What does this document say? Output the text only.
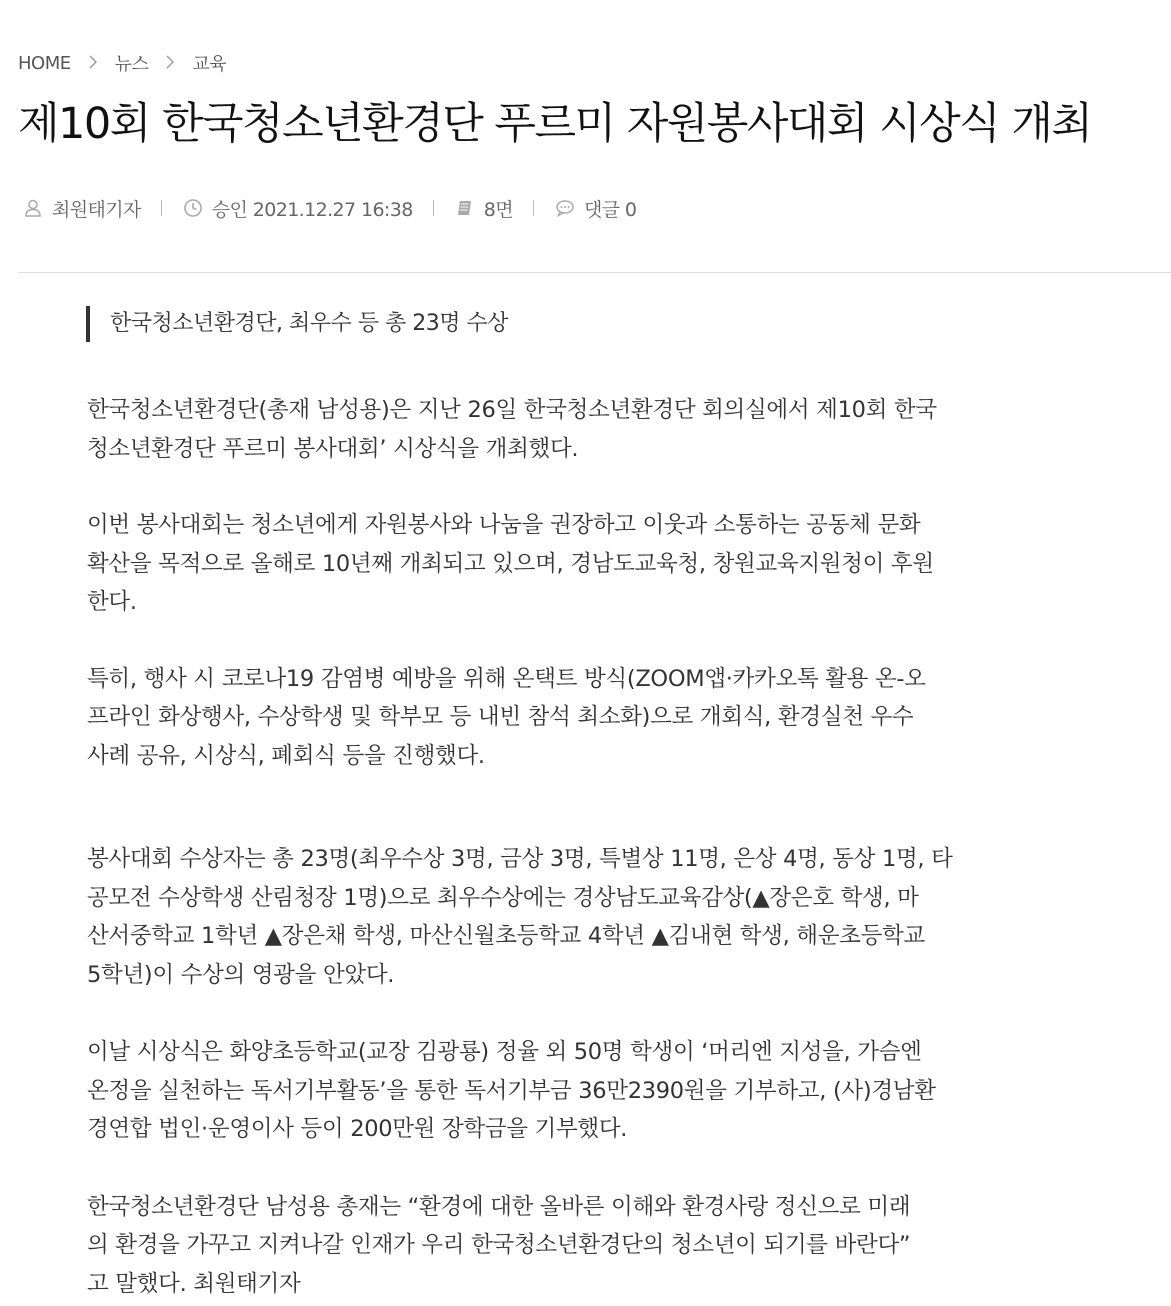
HOME 뉴스 교육
제10회 한국청소년환경단 푸르미 자원봉사대회 시상식 개최
최원태기자	승인 2021.12.27 16:38	8면	댓글 0
한국청소년환경단, 최우수 등 총 23명 수상

한국청소년환경단(총재 남성용)은 지난 26일 한국청소년환경단 회의실에서 제10회 한국
청소년환경단 푸르미 봉사대회’ 시상식을 개최했다.

이번 봉사대회는 청소년에게 자원봉사와 나눔을 권장하고 이웃과 소통하는 공동체 문화
확산을 목적으로 올해로 10년째 개최되고 있으며, 경남도교육청, 창원교육지원청이 후원
한다.

특히, 행사 시 코로나19 감염병 예방을 위해 온택트 방식(ZOOM앱·카카오톡 활용 온-오
프라인 화상행사, 수상학생 및 학부모 등 내빈 참석 최소화)으로 개회식, 환경실천 우수
사례 공유, 시상식, 폐회식 등을 진행했다.

봉사대회 수상자는 총 23명(최우수상 3명, 금상 3명, 특별상 11명, 은상 4명, 동상 1명, 타
공모전 수상학생 산림청장 1명)으로 최우수상에는 경상남도교육감상(▲장은호 학생, 마
산서중학교 1학년 ▲장은채 학생, 마산신월초등학교 4학년 ▲김내현 학생, 해운초등학교
5학년)이 수상의 영광을 안았다.

이날 시상식은 화양초등학교(교장 김광룡) 정율 외 50명 학생이 ‘머리엔 지성을, 가슴엔
온정을 실천하는 독서기부활동’을 통한 독서기부금 36만2390원을 기부하고, (사)경남환
경연합 법인·운영이사 등이 200만원 장학금을 기부했다.

한국청소년환경단 남성용 총재는 “환경에 대한 올바른 이해와 환경사랑 정신으로 미래
의 환경을 가꾸고 지켜나갈 인재가 우리 한국청소년환경단의 청소년이 되기를 바란다”
고 말했다. 최원태기자
